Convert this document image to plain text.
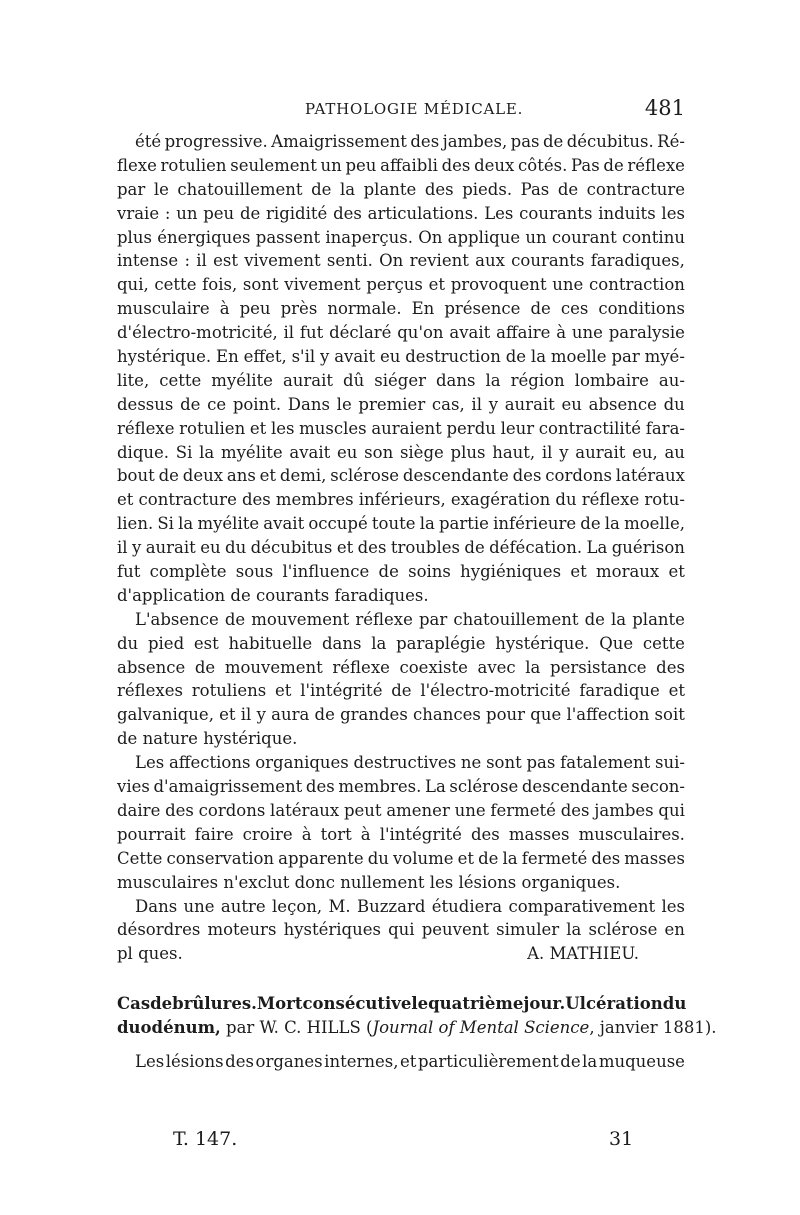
PATHOLOGIE MÉDICALE.	481
été progressive. Amaigrissement des jambes, pas de décubitus. Ré-
flexe rotulien seulement un peu affaibli des deux côtés. Pas de réflexe
par le chatouillement de la plante des pieds. Pas de contracture
vraie : un peu de rigidité des articulations. Les courants induits les
plus énergiques passent inaperçus. On applique un courant continu
intense : il est vivement senti. On revient aux courants faradiques,
qui, cette fois, sont vivement perçus et provoquent une contraction
musculaire à peu près normale. En présence de ces conditions
d'électro-motricité, il fut déclaré qu'on avait affaire à une paralysie
hystérique. En effet, s'il y avait eu destruction de la moelle par myé-
lite, cette myélite aurait dû siéger dans la région lombaire au-
dessus de ce point. Dans le premier cas, il y aurait eu absence du
réflexe rotulien et les muscles auraient perdu leur contractilité fara-
dique. Si la myélite avait eu son siège plus haut, il y aurait eu, au
bout de deux ans et demi, sclérose descendante des cordons latéraux
et contracture des membres inférieurs, exagération du réflexe rotu-
lien. Si la myélite avait occupé toute la partie inférieure de la moelle,
il y aurait eu du décubitus et des troubles de défécation. La guérison
fut complète sous l'influence de soins hygiéniques et moraux et
d'application de courants faradiques.
L'absence de mouvement réflexe par chatouillement de la plante
du pied est habituelle dans la paraplégie hystérique. Que cette
absence de mouvement réflexe coexiste avec la persistance des
réflexes rotuliens et l'intégrité de l'électro-motricité faradique et
galvanique, et il y aura de grandes chances pour que l'affection soit
de nature hystérique.
Les affections organiques destructives ne sont pas fatalement sui-
vies d'amaigrissement des membres. La sclérose descendante secon-
daire des cordons latéraux peut amener une fermeté des jambes qui
pourrait faire croire à tort à l'intégrité des masses musculaires.
Cette conservation apparente du volume et de la fermeté des masses
musculaires n'exclut donc nullement les lésions organiques.
Dans une autre leçon, M. Buzzard étudiera comparativement les
désordres moteurs hystériques qui peuvent simuler la sclérose en
pl ques.	A. MATHIEU.
Cas de brûlures. Mort consécutive le quatrième jour. Ulcération du
duodénum, par W. C. HILLS ( Journal of Mental Science , janvier 1881).
Les lésions des organes internes, et particulièrement de la muqueuse
T. 147.	31
